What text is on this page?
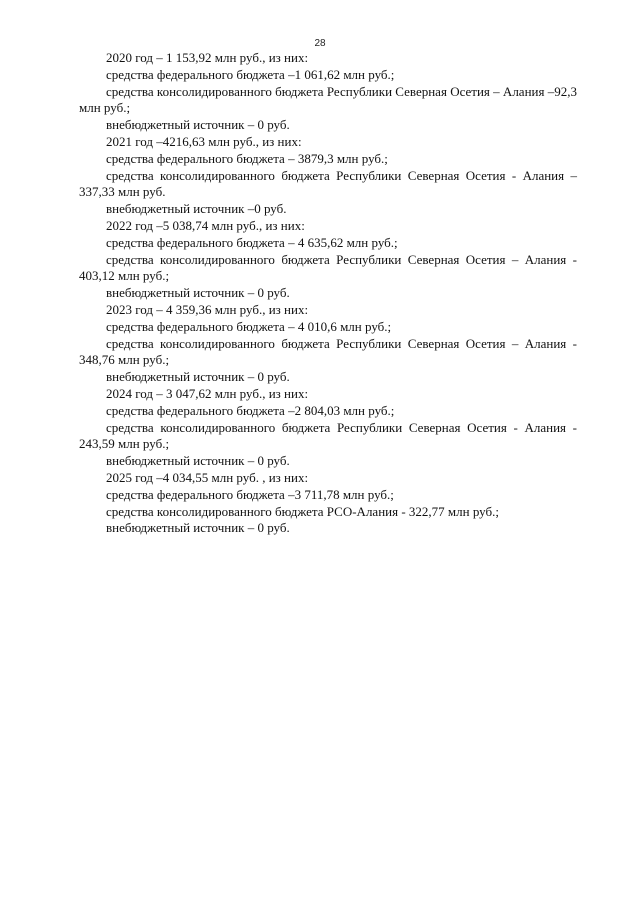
28

2020 год – 1 153,92 млн руб., из них:

средства федерального бюджета –1 061,62 млн руб.;

средства консолидированного бюджета Республики Северная Осетия – Алания –92,3 млн руб.;

внебюджетный источник – 0 руб.

2021 год –4216,63 млн руб., из них:

средства федерального бюджета – 3879,3 млн руб.;

средства консолидированного бюджета Республики Северная Осетия - Алания – 337,33 млн руб.

внебюджетный источник –0 руб.

2022 год –5 038,74 млн руб., из них:

средства федерального бюджета – 4 635,62 млн руб.;

средства консолидированного бюджета Республики Северная Осетия – Алания - 403,12 млн руб.;

внебюджетный источник – 0 руб.

2023 год – 4 359,36 млн руб., из них:

средства федерального бюджета – 4 010,6 млн руб.;

средства консолидированного бюджета Республики Северная Осетия – Алания - 348,76 млн руб.;

внебюджетный источник – 0 руб.

2024 год – 3 047,62 млн руб., из них:

средства федерального бюджета –2 804,03 млн руб.;

средства консолидированного бюджета Республики Северная Осетия - Алания - 243,59 млн руб.;

внебюджетный источник – 0 руб.

2025 год –4 034,55 млн руб. , из них:

средства федерального бюджета –3 711,78 млн руб.;

средства консолидированного бюджета РСО-Алания - 322,77 млн руб.;

внебюджетный источник – 0 руб.
